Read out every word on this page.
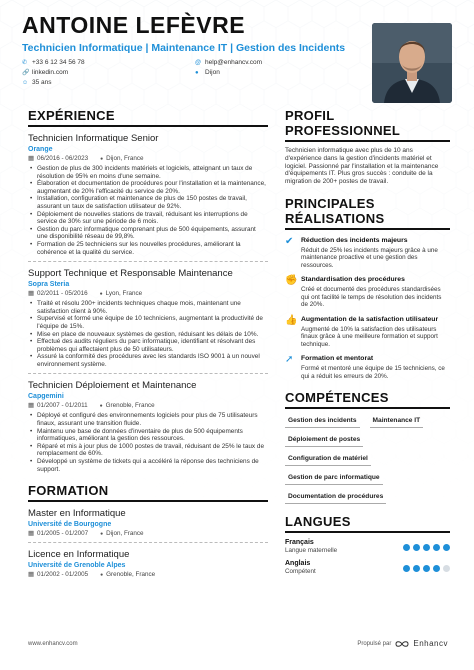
ANTOINE LEFÈVRE
Technicien Informatique | Maintenance IT | Gestion des Incidents
✆ +33 6 12 34 56 78	@ help@enhancv.com
🔗 linkedin.com	● Dijon
☺ 35 ans
EXPÉRIENCE
Technicien Informatique Senior
Orange
▦ 06/2016 - 06/2023 ● Dijon, France
• Gestion de plus de 300 incidents matériels et logiciels, atteignant un taux de résolution de 95% en moins d'une semaine.
• Élaboration et documentation de procédures pour l'installation et la maintenance, augmentant de 20% l'efficacité du service de 20%.
• Installation, configuration et maintenance de plus de 150 postes de travail, assurant un taux de satisfaction utilisateur de 92%.
• Déploiement de nouvelles stations de travail, réduisant les interruptions de service de 30% sur une période de 6 mois.
• Gestion du parc informatique comprenant plus de 500 équipements, assurant une disponibilité réseau de 99,8%.
• Formation de 25 techniciens sur les nouvelles procédures, améliorant la cohérence et la qualité du service.
Support Technique et Responsable Maintenance
Sopra Steria
▦ 02/2011 - 05/2016 ● Lyon, France
• Traité et résolu 200+ incidents techniques chaque mois, maintenant une satisfaction client à 90%.
• Supervisé et formé une équipe de 10 techniciens, augmentant la productivité de l'équipe de 15%.
• Mise en place de nouveaux systèmes de gestion, réduisant les délais de 10%.
• Effectué des audits réguliers du parc informatique, identifiant et résolvant des problèmes qui affectaient plus de 50 utilisateurs.
• Assuré la conformité des procédures avec les standards ISO 9001 à un nouvel environnement système.
Technicien Déploiement et Maintenance
Capgemini
▦ 01/2007 - 01/2011 ● Grenoble, France
• Déployé et configuré des environnements logiciels pour plus de 75 utilisateurs finaux, assurant une transition fluide.
• Maintenu une base de données d'inventaire de plus de 500 équipements informatiques, améliorant la gestion des ressources.
• Réparé et mis à jour plus de 1000 postes de travail, réduisant de 25% le taux de remplacement de 60%.
• Développé un système de tickets qui a accéléré la réponse des techniciens de support.
FORMATION
Master en Informatique
Université de Bourgogne
▦ 01/2005 - 01/2007 ● Dijon, France
Licence en Informatique
Université de Grenoble Alpes
▦ 01/2002 - 01/2005 ● Grenoble, France
PROFIL PROFESSIONNEL
Technicien informatique avec plus de 10 ans d'expérience dans la gestion d'incidents matériel et logiciel. Passionné par l'installation et la maintenance d'équipements IT. Plus gros succès : conduite de la migration de 200+ postes de travail.
PRINCIPALES RÉALISATIONS
✔ Réduction des incidents majeurs
Réduit de 25% les incidents majeurs grâce à une maintenance proactive et une gestion des ressources.
✊ Standardisation des procédures
Créé et documenté des procédures standardisées qui ont facilité le temps de résolution des incidents de 20%.
👍 Augmentation de la satisfaction utilisateur
Augmenté de 10% la satisfaction des utilisateurs finaux grâce à une meilleure formation et support technique.
➚ Formation et mentorat
Formé et mentoré une équipe de 15 techniciens, ce qui a réduit les erreurs de 20%.
COMPÉTENCES
Gestion des incidents	Maintenance IT
Déploiement de postes
Configuration de matériel
Gestion de parc informatique
Documentation de procédures
LANGUES
Français
Langue maternelle
Anglais
Compétent
www.enhancv.com	Propulsé par	Enhancv
